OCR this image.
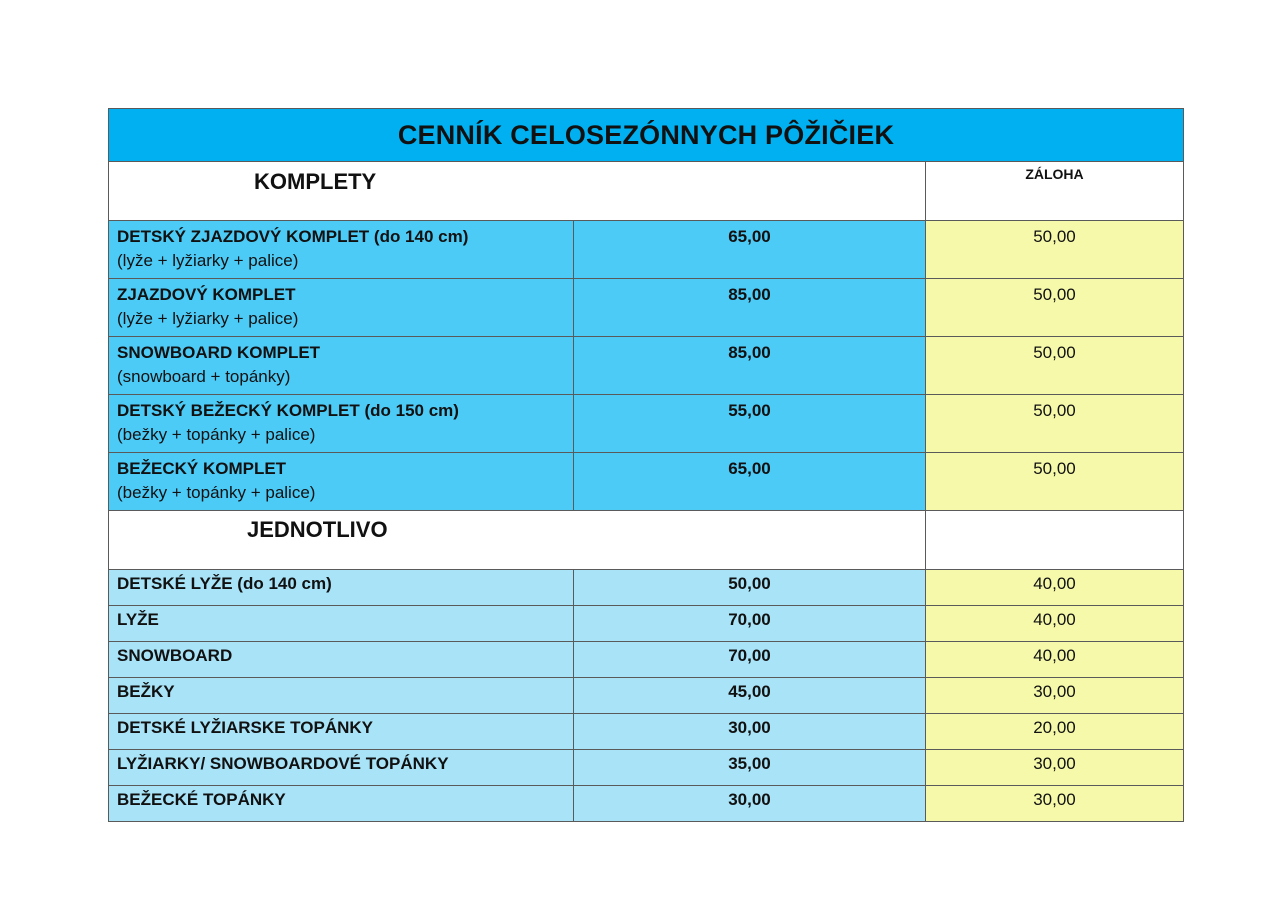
CENNÍK CELOSEZÓNNYCH PÔŽIČIEK		

KOMPLETY		ZÁLOHA

DETSKÝ ZJAZDOVÝ KOMPLET (do 140 cm)
(lyže + lyžiarky + palice)	65,00	50,00

ZJAZDOVÝ KOMPLET
(lyže + lyžiarky + palice)	85,00	50,00

SNOWBOARD KOMPLET
(snowboard + topánky)	85,00	50,00

DETSKÝ BEŽECKÝ KOMPLET (do 150 cm)
(bežky + topánky + palice)	55,00	50,00

BEŽECKÝ KOMPLET
(bežky + topánky + palice)	65,00	50,00

JEDNOTLIVO		

DETSKÉ LYŽE (do 140 cm)	50,00	40,00
LYŽE	70,00	40,00
SNOWBOARD	70,00	40,00
BEŽKY	45,00	30,00
DETSKÉ LYŽIARSKE TOPÁNKY	30,00	20,00
LYŽIARKY/ SNOWBOARDOVÉ TOPÁNKY	35,00	30,00
BEŽECKÉ TOPÁNKY	30,00	30,00
